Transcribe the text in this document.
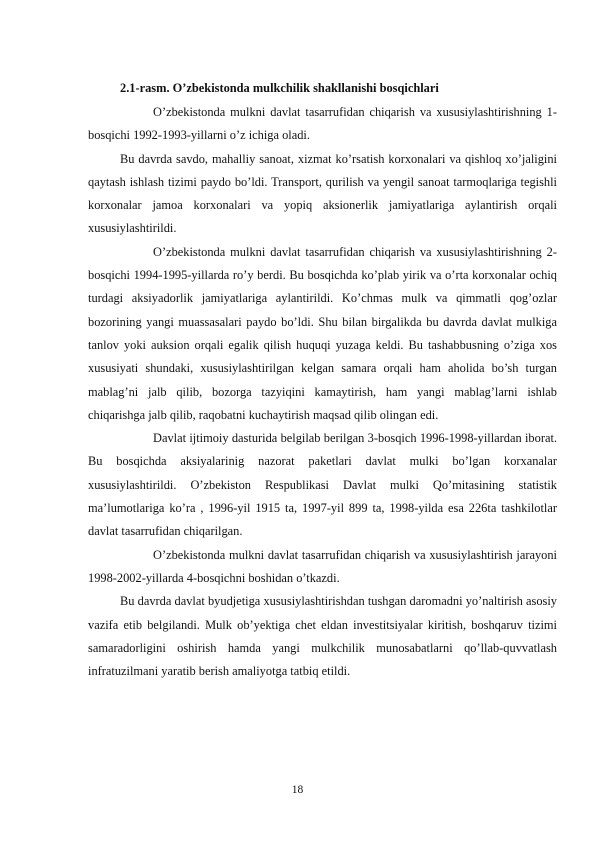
2.1-rasm. O’zbekistonda mulkchilik shakllanishi bosqichlari

O’zbekistonda mulkni davlat tasarrufidan chiqarish va xususiylashtirishning 1-bosqichi 1992-1993-yillarni o’z ichiga oladi.

Bu davrda savdo, mahalliy sanoat, xizmat ko’rsatish korxonalari va qishloq xo’jaligini qaytash ishlash tizimi paydo bo’ldi. Transport, qurilish va yengil sanoat tarmoqlariga tegishli korxonalar jamoa korxonalari va yopiq aksionerlik jamiyatlariga aylantirish orqali xususiylashtirildi.

O’zbekistonda mulkni davlat tasarrufidan chiqarish va xususiylashtirishning 2-bosqichi 1994-1995-yillarda ro’y berdi. Bu bosqichda ko’plab yirik va o’rta korxonalar ochiq turdagi aksiyadorlik jamiyatlariga aylantirildi. Ko’chmas mulk va qimmatli qog’ozlar bozorining yangi muassasalari paydo bo’ldi. Shu bilan birgalikda bu davrda davlat mulkiga tanlov yoki auksion orqali egalik qilish huquqi yuzaga keldi. Bu tashabbusning o’ziga xos xususiyati shundaki, xususiylashtirilgan kelgan samara orqali ham aholida bo’sh turgan mablag’ni jalb qilib, bozorga tazyiqini kamaytirish, ham yangi mablag’larni ishlab chiqarishga jalb qilib, raqobatni kuchaytirish maqsad qilib olingan edi.

Davlat ijtimoiy dasturida belgilab berilgan 3-bosqich 1996-1998-yillardan iborat. Bu bosqichda aksiyalarinig nazorat paketlari davlat mulki bo’lgan korxanalar xususiylashtirildi. O’zbekiston Respublikasi Davlat mulki Qo’mitasining statistik ma’lumotlariga ko’ra , 1996-yil 1915 ta, 1997-yil 899 ta, 1998-yilda esa 226ta tashkilotlar davlat tasarrufidan chiqarilgan.

O’zbekistonda mulkni davlat tasarrufidan chiqarish va xususiylashtirish jarayoni 1998-2002-yillarda 4-bosqichni boshidan o’tkazdi.

Bu davrda davlat byudjetiga xususiylashtirishdan tushgan daromadni yo’naltirish asosiy vazifa etib belgilandi. Mulk ob’yektiga chet eldan investitsiyalar kiritish, boshqaruv tizimi samaradorligini oshirish hamda yangi mulkchilik munosabatlarni qo’llab-quvvatlash infratuzilmani yaratib berish amaliyotga tatbiq etildi.

18
